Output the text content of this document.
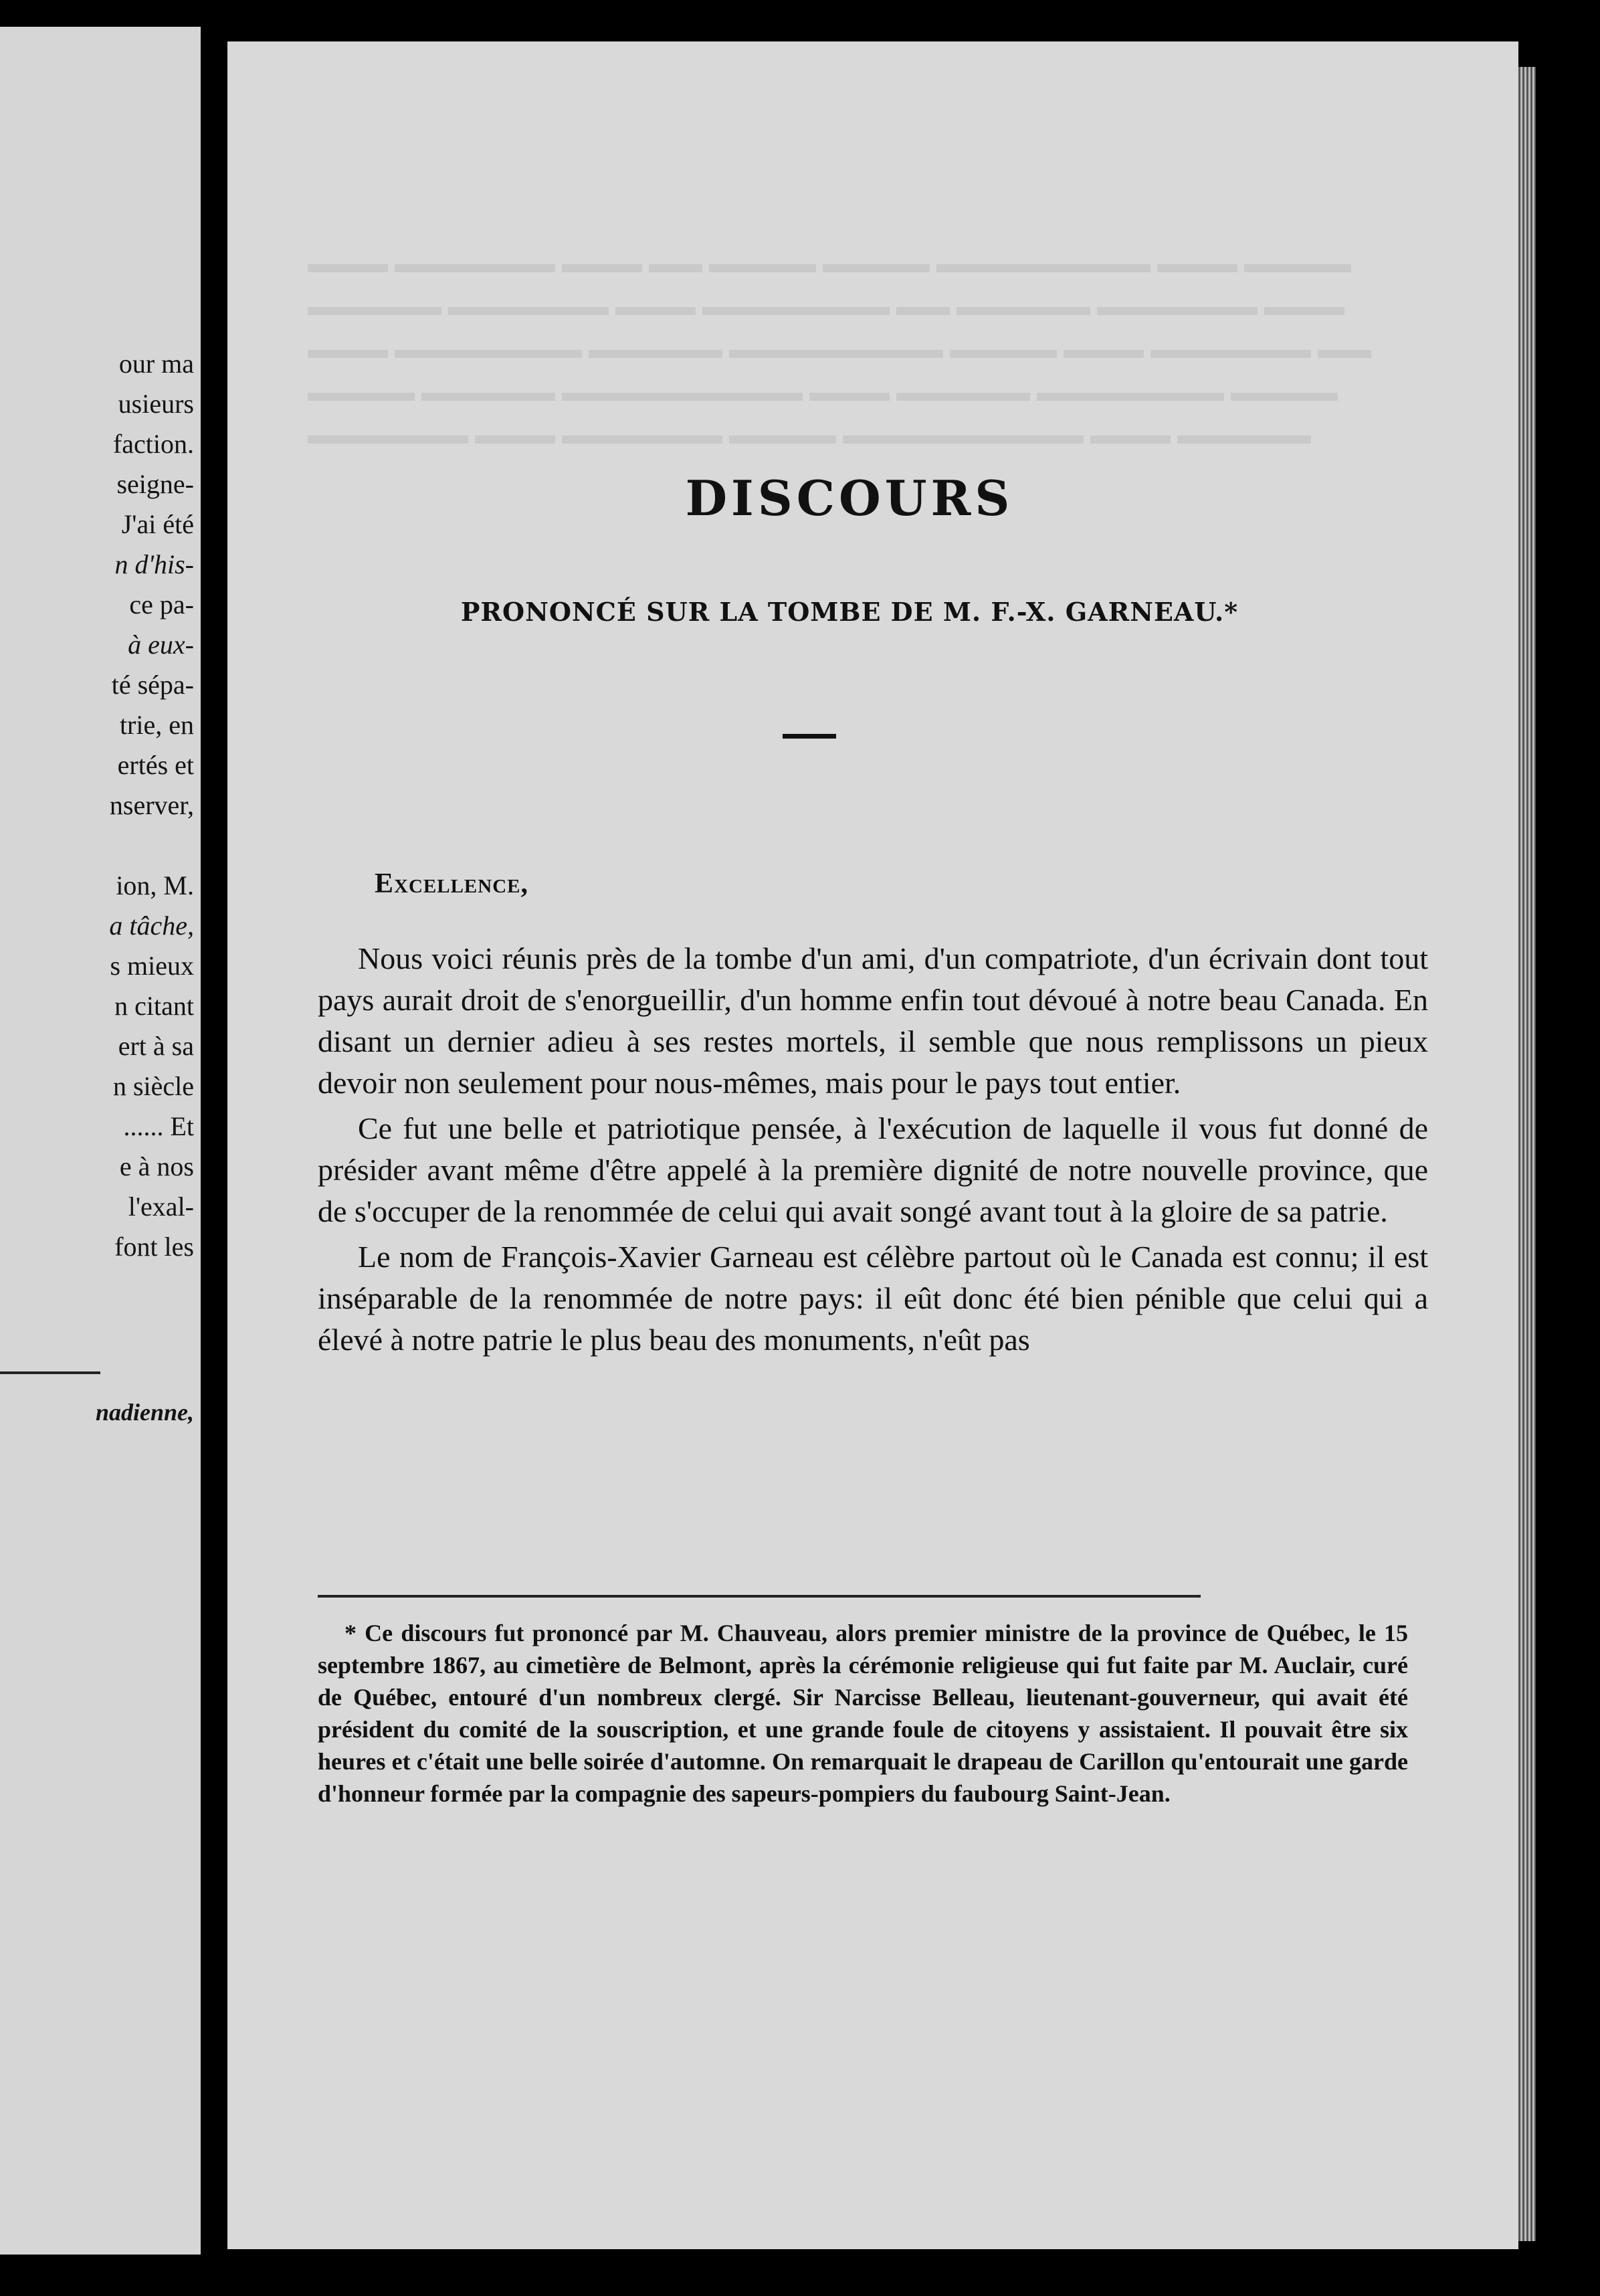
our ma
usieurs
faction.
seigne-
J'ai été
n d'his-
ce pa-
à eux-
té sépa-
trie, en
ertés et
nserver,
ion, M.
a tâche,
s mieux
n citant
ert à sa
n siècle
...... Et
e à nos
l'exal-
font les
nadienne,
▬▬▬ ▬▬▬▬▬▬ ▬▬▬ ▬▬ ▬▬▬▬ ▬▬▬▬ ▬▬▬▬▬▬▬▬ ▬▬▬ ▬▬▬▬
▬▬▬▬▬ ▬▬▬▬▬▬ ▬▬▬ ▬▬▬▬▬▬▬ ▬▬ ▬▬▬▬▬ ▬▬▬▬▬▬ ▬▬▬
▬▬▬ ▬▬▬▬▬▬▬ ▬▬▬▬▬ ▬▬▬▬▬▬▬▬ ▬▬▬▬ ▬▬▬ ▬▬▬▬▬▬ ▬▬
▬▬▬▬ ▬▬▬▬▬ ▬▬▬▬▬▬▬▬▬ ▬▬▬ ▬▬▬▬▬ ▬▬▬▬▬▬▬ ▬▬▬▬
▬▬▬▬▬▬ ▬▬▬ ▬▬▬▬▬▬ ▬▬▬▬ ▬▬▬▬▬▬▬▬▬ ▬▬▬ ▬▬▬▬▬
DISCOURS
PRONONCÉ SUR LA TOMBE DE M. F.-X. GARNEAU.*
Excellence,

Nous voici réunis près de la tombe d'un ami, d'un compatriote, d'un écrivain dont tout pays aurait droit de s'enorgueillir, d'un homme enfin tout dévoué à notre beau Canada. En disant un dernier adieu à ses restes mortels, il semble que nous remplissons un pieux devoir non seulement pour nous-mêmes, mais pour le pays tout entier.

Ce fut une belle et patriotique pensée, à l'exécution de laquelle il vous fut donné de présider avant même d'être appelé à la première dignité de notre nouvelle province, que de s'occuper de la renommée de celui qui avait songé avant tout à la gloire de sa patrie.

Le nom de François-Xavier Garneau est célèbre partout où le Canada est connu; il est inséparable de la renommée de notre pays: il eût donc été bien pénible que celui qui a élevé à notre patrie le plus beau des monuments, n'eût pas

* Ce discours fut prononcé par M. Chauveau, alors premier ministre de la province de Québec, le 15 septembre 1867, au cimetière de Belmont, après la cérémonie religieuse qui fut faite par M. Auclair, curé de Québec, entouré d'un nombreux clergé. Sir Narcisse Belleau, lieutenant-gouverneur, qui avait été président du comité de la souscription, et une grande foule de citoyens y assistaient. Il pouvait être six heures et c'était une belle soirée d'automne. On remarquait le drapeau de Carillon qu'entourait une garde d'honneur formée par la compagnie des sapeurs-pompiers du faubourg Saint-Jean.
